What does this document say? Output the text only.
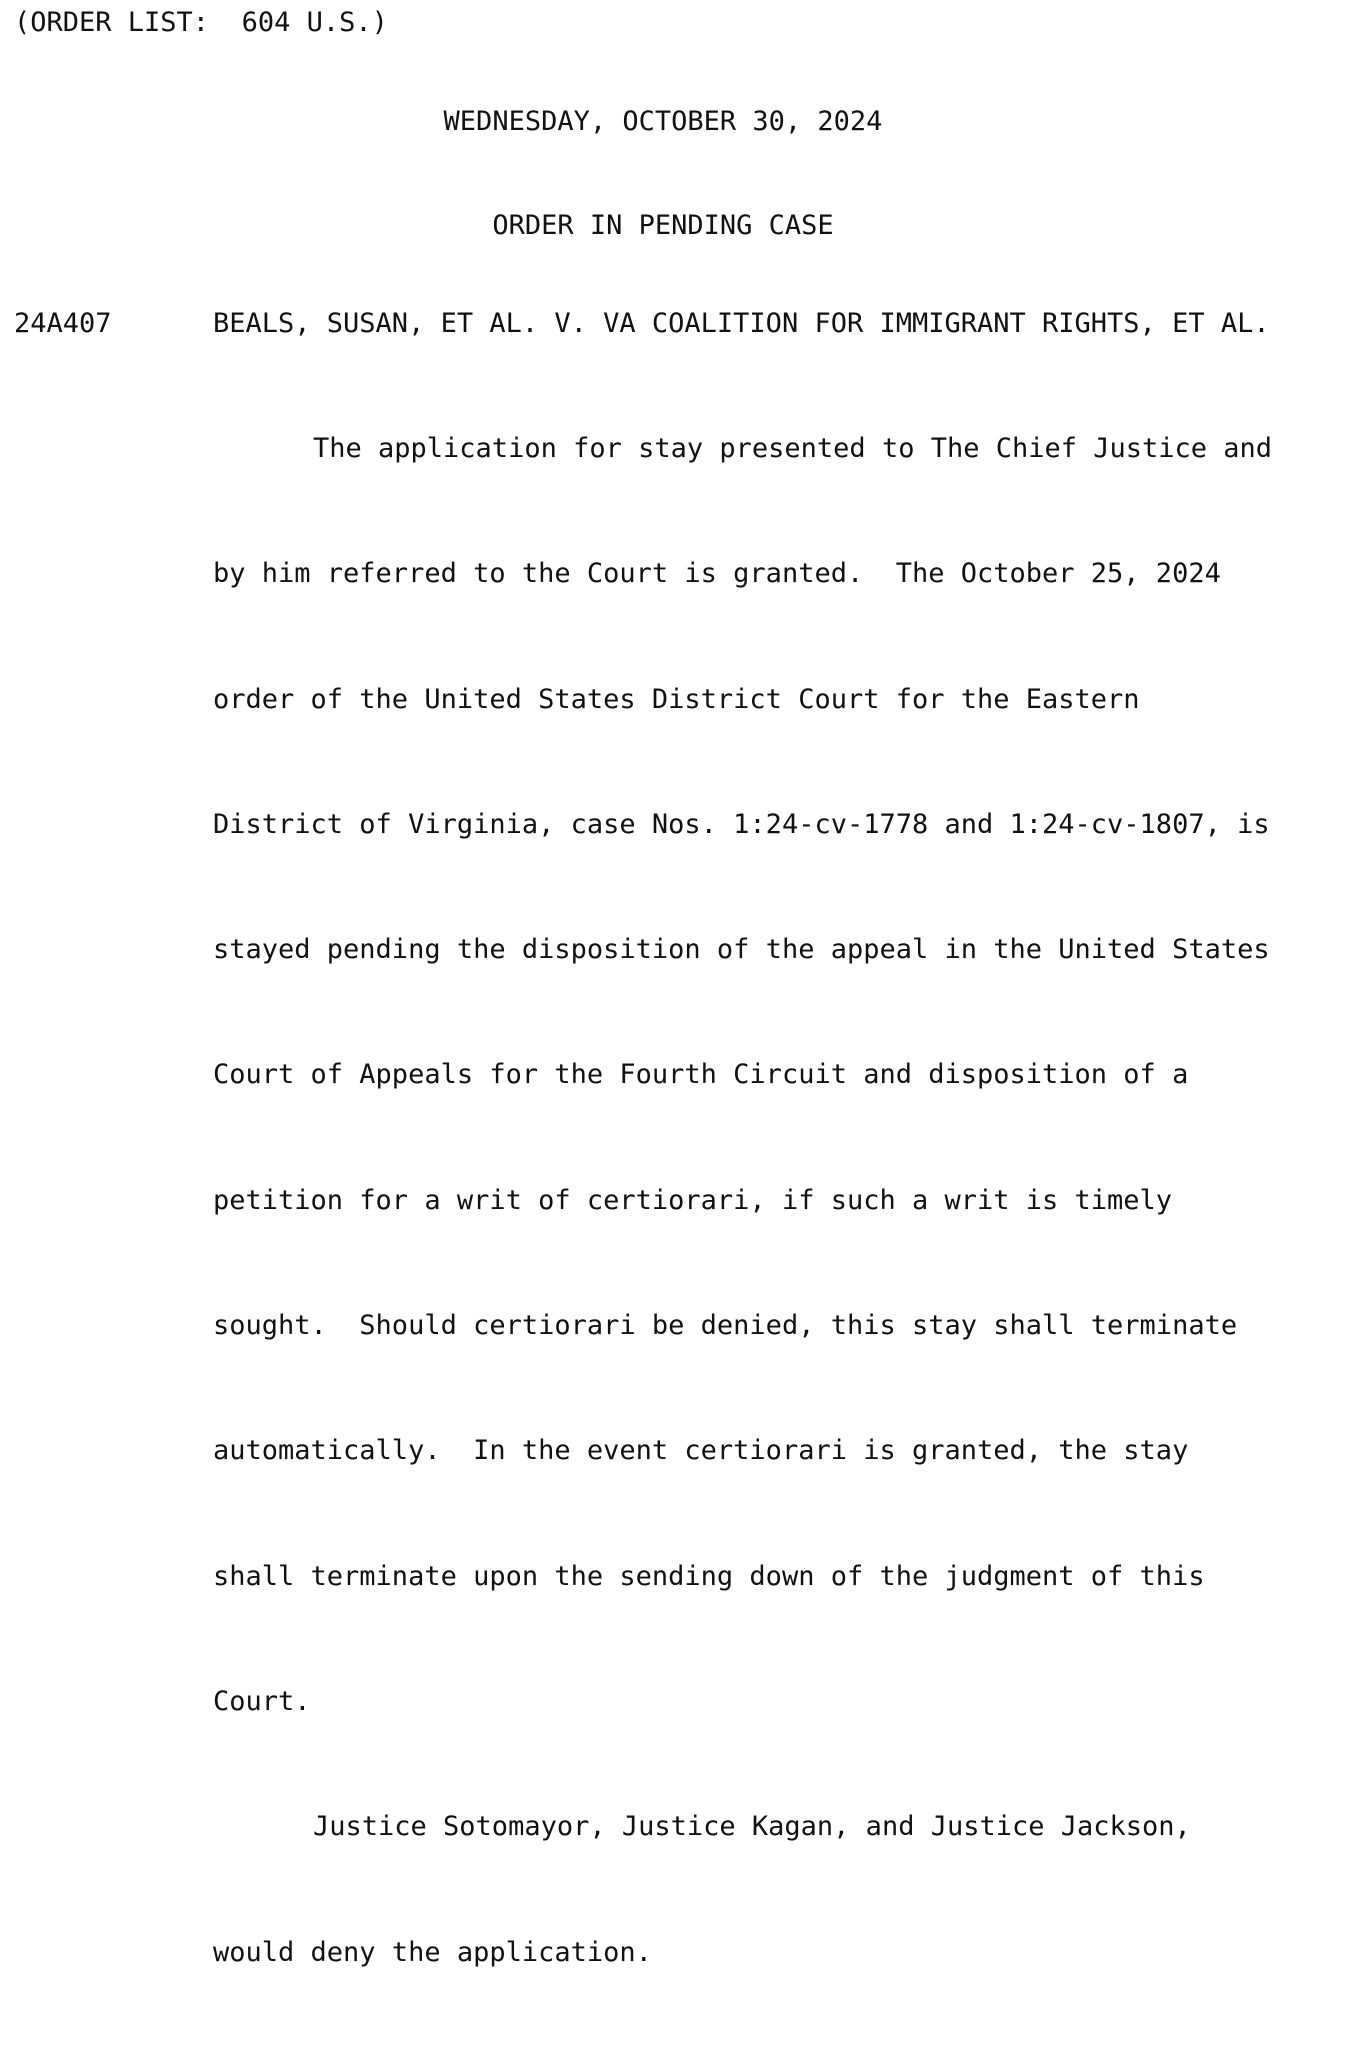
(ORDER LIST:  604 U.S.)
WEDNESDAY, OCTOBER 30, 2024
ORDER IN PENDING CASE
24A407	BEALS, SUSAN, ET AL. V. VA COALITION FOR IMMIGRANT RIGHTS, ET AL.

The application for stay presented to The Chief Justice and

by him referred to the Court is granted.  The October 25, 2024

order of the United States District Court for the Eastern

District of Virginia, case Nos. 1:24-cv-1778 and 1:24-cv-1807, is

stayed pending the disposition of the appeal in the United States

Court of Appeals for the Fourth Circuit and disposition of a

petition for a writ of certiorari, if such a writ is timely

sought.  Should certiorari be denied, this stay shall terminate

automatically.  In the event certiorari is granted, the stay

shall terminate upon the sending down of the judgment of this

Court.

Justice Sotomayor, Justice Kagan, and Justice Jackson,

would deny the application.
